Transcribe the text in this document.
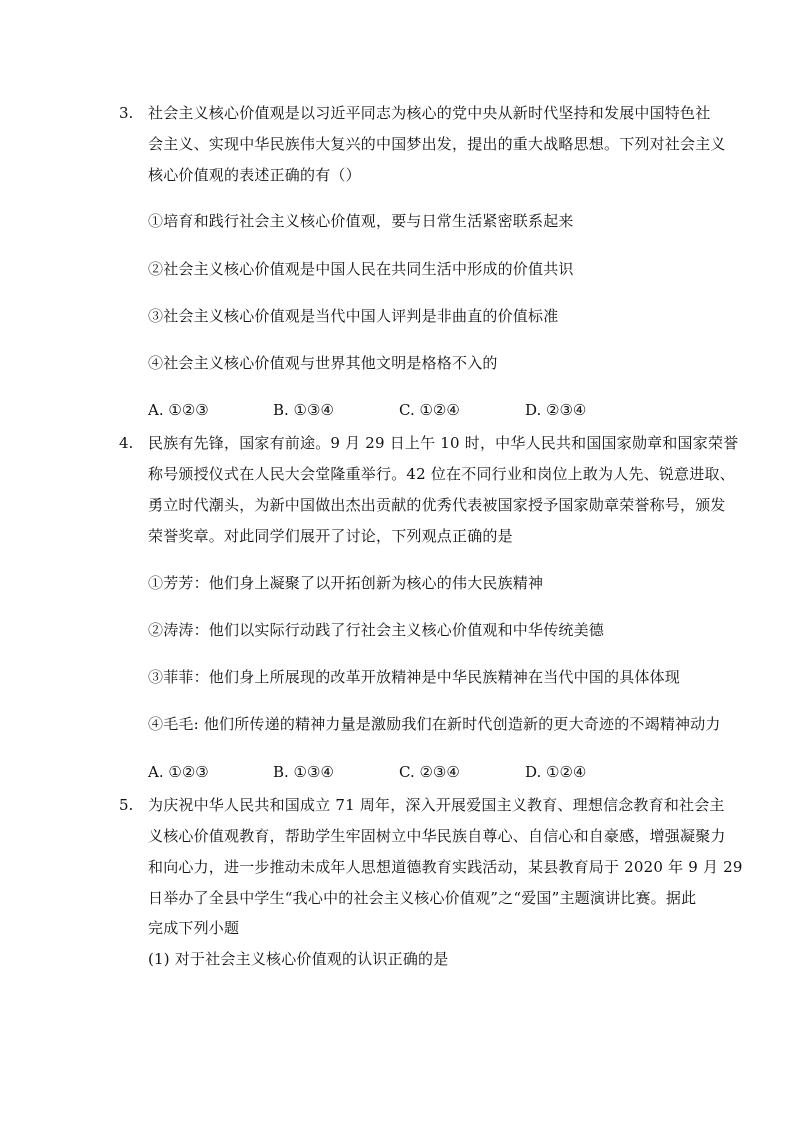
3. 社会主义核心价值观是以习近平同志为核心的党中央从新时代坚持和发展中国特色社
会主义、实现中华民族伟大复兴的中国梦出发，提出的重大战略思想。下列对社会主义
核心价值观的表述正确的有（）
①培育和践行社会主义核心价值观，要与日常生活紧密联系起来
②社会主义核心价值观是中国人民在共同生活中形成的价值共识
③社会主义核心价值观是当代中国人评判是非曲直的价值标准
④社会主义核心价值观与世界其他文明是格格不入的
A. ①②③	B. ①③④	C. ①②④	D. ②③④
4. 民族有先锋，国家有前途。9 月 29 日上午 10 时，中华人民共和国国家勋章和国家荣誉
称号颁授仪式在人民大会堂隆重举行。42 位在不同行业和岗位上敢为人先、锐意进取、
勇立时代潮头，为新中国做出杰出贡献的优秀代表被国家授予国家勋章荣誉称号，颁发
荣誉奖章。对此同学们展开了讨论，下列观点正确的是
①芳芳：他们身上凝聚了以开拓创新为核心的伟大民族精神
②涛涛：他们以实际行动践了行社会主义核心价值观和中华传统美德
③菲菲：他们身上所展现的改革开放精神是中华民族精神在当代中国的具体体现
④毛毛: 他们所传递的精神力量是激励我们在新时代创造新的更大奇迹的不竭精神动力
A. ①②③	B. ①③④	C. ②③④	D. ①②④
5. 为庆祝中华人民共和国成立 71 周年，深入开展爱国主义教育、理想信念教育和社会主
义核心价值观教育，帮助学生牢固树立中华民族自尊心、自信心和自豪感，增强凝聚力
和向心力，进一步推动未成年人思想道德教育实践活动，某县教育局于 2020 年 9 月 29
日举办了全县中学生“我心中的社会主义核心价值观”之“爱国”主题演讲比赛。据此
完成下列小题
(1) 对于社会主义核心价值观的认识正确的是
